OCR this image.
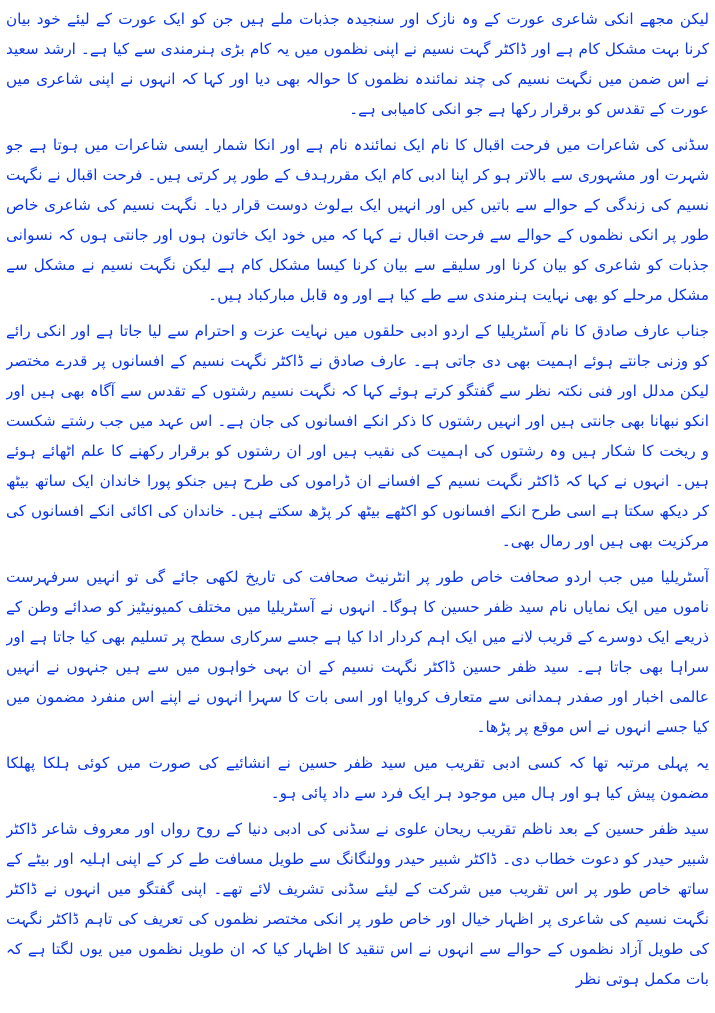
لیکن مجھے انکی شاعری عورت کے وہ نازک اور سنجیدہ جذبات ملے ہیں جن کو ایک عورت کے لیئے خود بیان کرنا بہت مشکل کام ہے اور ڈاکٹر گہت نسیم نے اپنی نظموں میں یہ کام بڑی ہنرمندی سے کیا ہے۔ ارشد سعید نے اس ضمن میں نگہت نسیم کی چند نمائندہ نظموں کا حوالہ بھی دیا اور کہا کہ انہوں نے اپنی شاعری میں عورت کے تقدس کو برقرار رکھا ہے جو انکی کامیابی ہے۔

سڈنی کی شاعرات میں فرحت اقبال کا نام ایک نمائندہ نام ہے اور انکا شمار ایسی شاعرات میں ہوتا ہے جو شہرت اور مشہوری سے بالاتر ہو کر اپنا ادبی کام ایک مقررہدف کے طور پر کرتی ہیں۔ فرحت اقبال نے نگہت نسیم کی زندگی کے حوالے سے باتیں کیں اور انہیں ایک بےلوث دوست قرار دیا۔ نگہت نسیم کی شاعری خاص طور پر انکی نظموں کے حوالے سے فرحت اقبال نے کہا کہ میں خود ایک خاتون ہوں اور جانتی ہوں کہ نسوانی جذبات کو شاعری کو بیان کرنا اور سلیقے سے بیان کرنا کیسا مشکل کام ہے لیکن نگہت نسیم نے مشکل سے مشکل مرحلے کو بھی نہایت ہنرمندی سے طے کیا ہے اور وہ قابل مبارکباد ہیں۔

جناب عارف صادق کا نام آسٹریلیا کے اردو ادبی حلقوں میں نہایت عزت و احترام سے لیا جاتا ہے اور انکی رائے کو وزنی جانتے ہوئے اہمیت بھی دی جاتی ہے۔ عارف صادق نے ڈاکٹر نگہت نسیم کے افسانوں پر قدرے مختصر لیکن مدلل اور فنی نکتہ نظر سے گفتگو کرتے ہوئے کہا کہ نگہت نسیم رشتوں کے تقدس سے آگاہ بھی ہیں اور انکو نبھانا بھی جانتی ہیں اور انہیں رشتوں کا ذکر انکے افسانوں کی جان ہے۔ اس عہد میں جب رشتے شکست و ریخت کا شکار ہیں وہ رشتوں کی اہمیت کی نقیب ہیں اور ان رشتوں کو برقرار رکھنے کا علم اٹھائے ہوئے ہیں۔ انہوں نے کہا کہ ڈاکٹر نگہت نسیم کے افسانے ان ڈراموں کی طرح ہیں جنکو پورا خاندان ایک ساتھ بیٹھ کر دیکھ سکتا ہے اسی طرح انکے افسانوں کو اکٹھے بیٹھ کر پڑھ سکتے ہیں۔ خاندان کی اکائی انکے افسانوں کی مرکزیت بھی ہیں اور رمال بھی۔

آسٹریلیا میں جب اردو صحافت خاص طور پر انٹرنیٹ صحافت کی تاریخ لکھی جائے گی تو انہیں سرفہرست ناموں میں ایک نمایاں نام سید ظفر حسین کا ہوگا۔ انہوں نے آسٹریلیا میں مختلف کمیونیٹیز کو صدائے وطن کے ذریعے ایک دوسرے کے قریب لانے میں ایک اہم کردار ادا کیا ہے جسے سرکاری سطح پر تسلیم بھی کیا جاتا ہے اور سراہا بھی جاتا ہے۔ سید ظفر حسین ڈاکٹر نگہت نسیم کے ان بہی خواہوں میں سے ہیں جنہوں نے انہیں عالمی اخبار اور صفدر ہمدانی سے متعارف کروایا اور اسی بات کا سہرا انہوں نے اپنے اس منفرد مضمون میں کیا جسے انہوں نے اس موقع پر پڑھا۔

یہ پہلی مرتبہ تھا کہ کسی ادبی تقریب میں سید ظفر حسین نے انشائیے کی صورت میں کوئی ہلکا پھلکا مضمون پیش کیا ہو اور ہال میں موجود ہر ایک فرد سے داد پائی ہو۔

سید ظفر حسین کے بعد ناظم تقریب ریحان علوی نے سڈنی کی ادبی دنیا کے روح رواں اور معروف شاعر ڈاکٹر شبیر حیدر کو دعوت خطاب دی۔ ڈاکٹر شبیر حیدر وولنگانگ سے طویل مسافت طے کر کے اپنی اہلیہ اور بیٹے کے ساتھ خاص طور پر اس تقریب میں شرکت کے لیئے سڈنی تشریف لائے تھے۔ اپنی گفتگو میں انہوں نے ڈاکٹر نگہت نسیم کی شاعری پر اظہار خیال اور خاص طور پر انکی مختصر نظموں کی تعریف کی تاہم ڈاکٹر نگہت کی طویل آزاد نظموں کے حوالے سے انہوں نے اس تنقید کا اظہار کیا کہ ان طویل نظموں میں یوں لگتا ہے کہ بات مکمل ہوتی نظر
